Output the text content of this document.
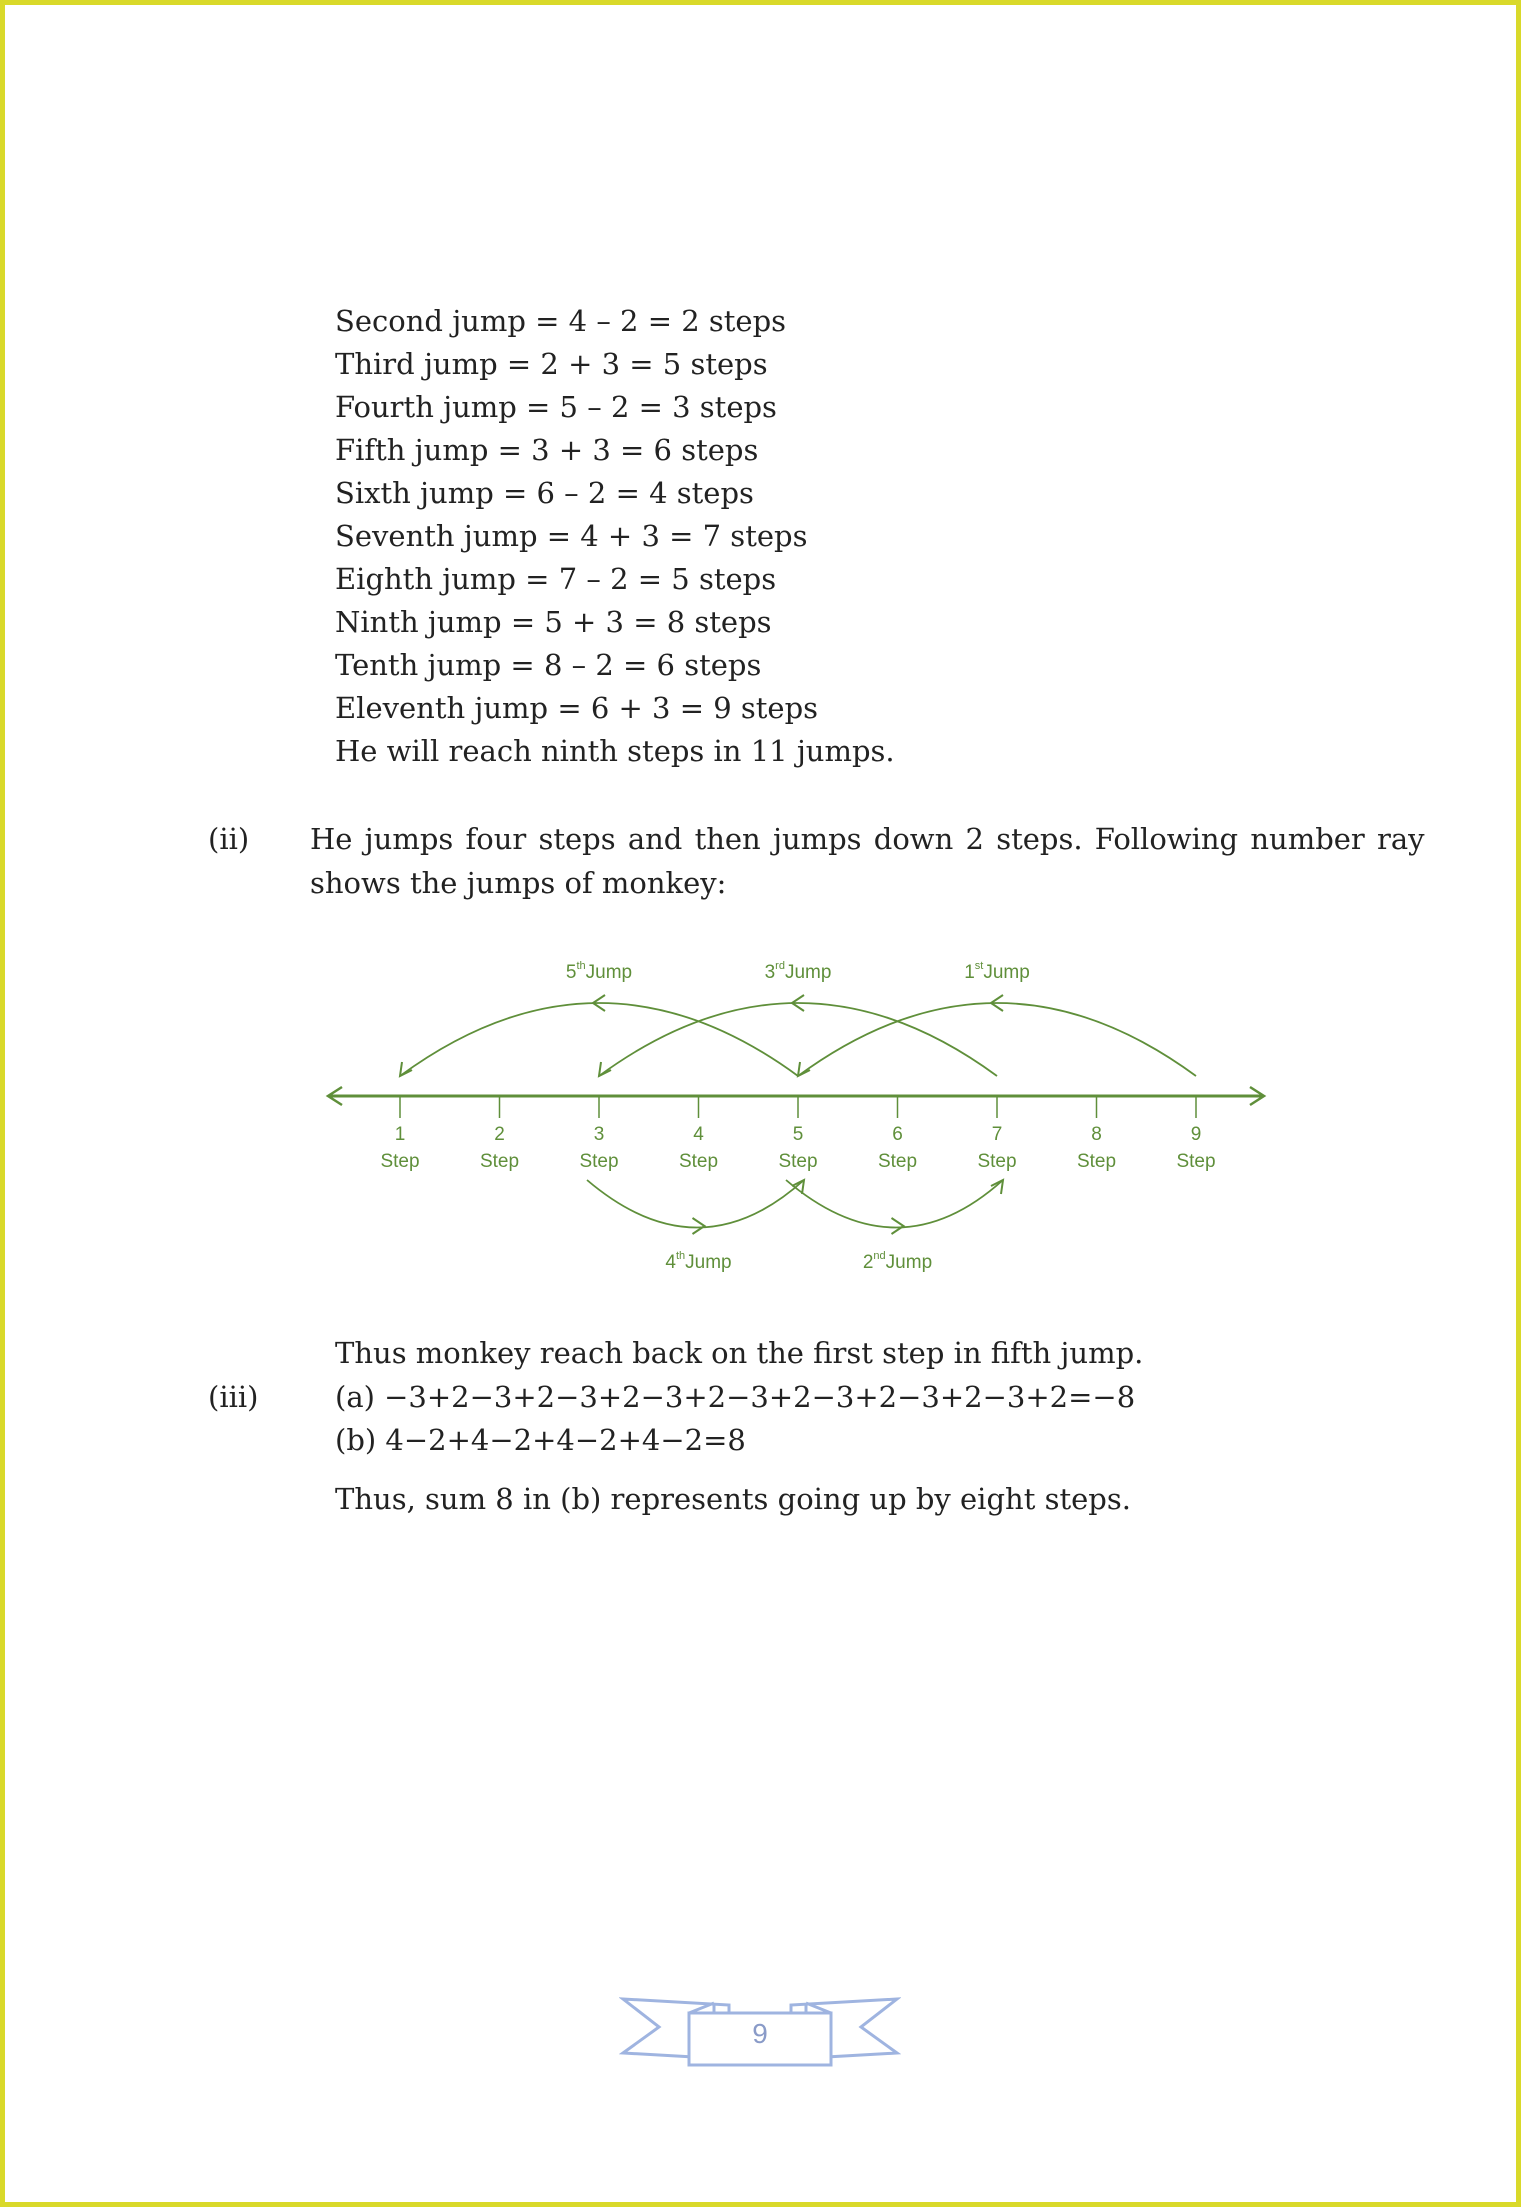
Second jump = 4 – 2 = 2 steps
Third jump = 2 + 3 = 5 steps
Fourth jump = 5 – 2 = 3 steps
Fifth jump = 3 + 3 = 6 steps
Sixth jump = 6 – 2 = 4 steps
Seventh jump = 4 + 3 = 7 steps
Eighth jump = 7 – 2 = 5 steps
Ninth jump = 5 + 3 = 8 steps
Tenth jump = 8 – 2 = 6 steps
Eleventh jump = 6 + 3 = 9 steps
He will reach ninth steps in 11 jumps.
(ii) He jumps four steps and then jumps down 2 steps. Following number ray
shows the jumps of monkey:
1
Step
2
Step
3
Step
4
Step
5
Step
6
Step
7
Step
8
Step
9
Step
1stJump
2ndJump
3rdJump
4thJump
5thJump
Thus monkey reach back on the first step in fifth jump.
(iii)	(a) −3+2−3+2−3+2−3+2−3+2−3+2−3+2−3+2=−8
(b) 4−2+4−2+4−2+4−2=8
Thus, sum 8 in (b) represents going up by eight steps.
9
